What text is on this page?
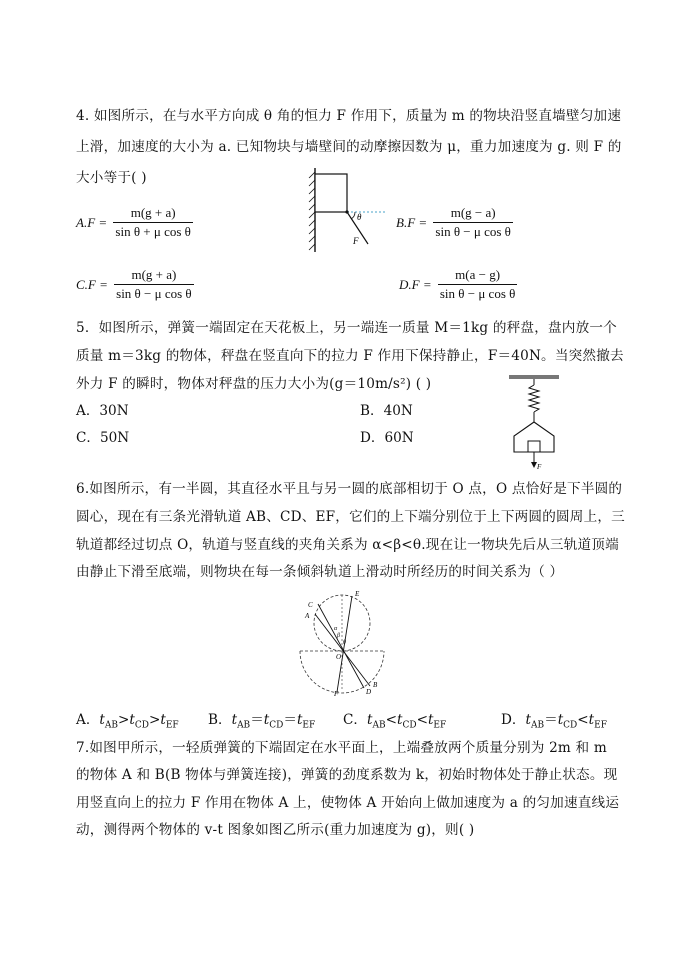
4. 如图所示，在与水平方向成 θ 角的恒力 F 作用下，质量为 m 的物块沿竖直墙壁匀加速
上滑，加速度的大小为 a. 已知物块与墙壁间的动摩擦因数为 μ，重力加速度为 g. 则 F 的
大小等于( )
$A.F = \frac{m(g + a)}{\text{sin θ + μ cos θ}}$	$B.F = \frac{m(g - a)}{\text{sin θ − μ cos θ}}$
$C.F = \frac{m(g + a)}{\text{sin θ − μ cos θ}}$	$D.F = \frac{m(a - g)}{\text{sin θ − μ cos θ}}$
θ
F
5．如图所示，弹簧一端固定在天花板上，另一端连一质量 M＝1kg 的秤盘，盘内放一个
质量 m＝3kg 的物体，秤盘在竖直向下的拉力 F 作用下保持静止，F＝40N。当突然撤去
外力 F 的瞬时，物体对秤盘的压力大小为(g＝10m/s²) ( )
A．30N	B．40N
C．50N	D．60N
F
6.如图所示，有一半圆，其直径水平且与另一圆的底部相切于 O 点，O 点恰好是下半圆的
圆心，现在有三条光滑轨道 AB、CD、EF，它们的上下端分别位于上下两圆的圆周上，三
轨道都经过切点 O，轨道与竖直线的夹角关系为 α<β<θ.现在让一物块先后从三轨道顶端
由静止下滑至底端，则物块在每一条倾斜轨道上滑动时所经历的时间关系为（ ）
C
A
E
α
β
θ
O
F	D
B
A．$t_{AB}>t_{CD}>t_{EF}$ B．$t_{AB}=t_{CD}=t_{EF}$ C．$t_{AB}<t_{CD}<t_{EF}$	D．$t_{AB}=t_{CD}<t_{EF}$
7.如图甲所示，一轻质弹簧的下端固定在水平面上，上端叠放两个质量分别为 2m 和 m
的物体 A 和 B(B 物体与弹簧连接)，弹簧的劲度系数为 k，初始时物体处于静止状态。现
用竖直向上的拉力 F 作用在物体 A 上，使物体 A 开始向上做加速度为 a 的匀加速直线运
动，测得两个物体的 v-t 图象如图乙所示(重力加速度为 g)，则( )
